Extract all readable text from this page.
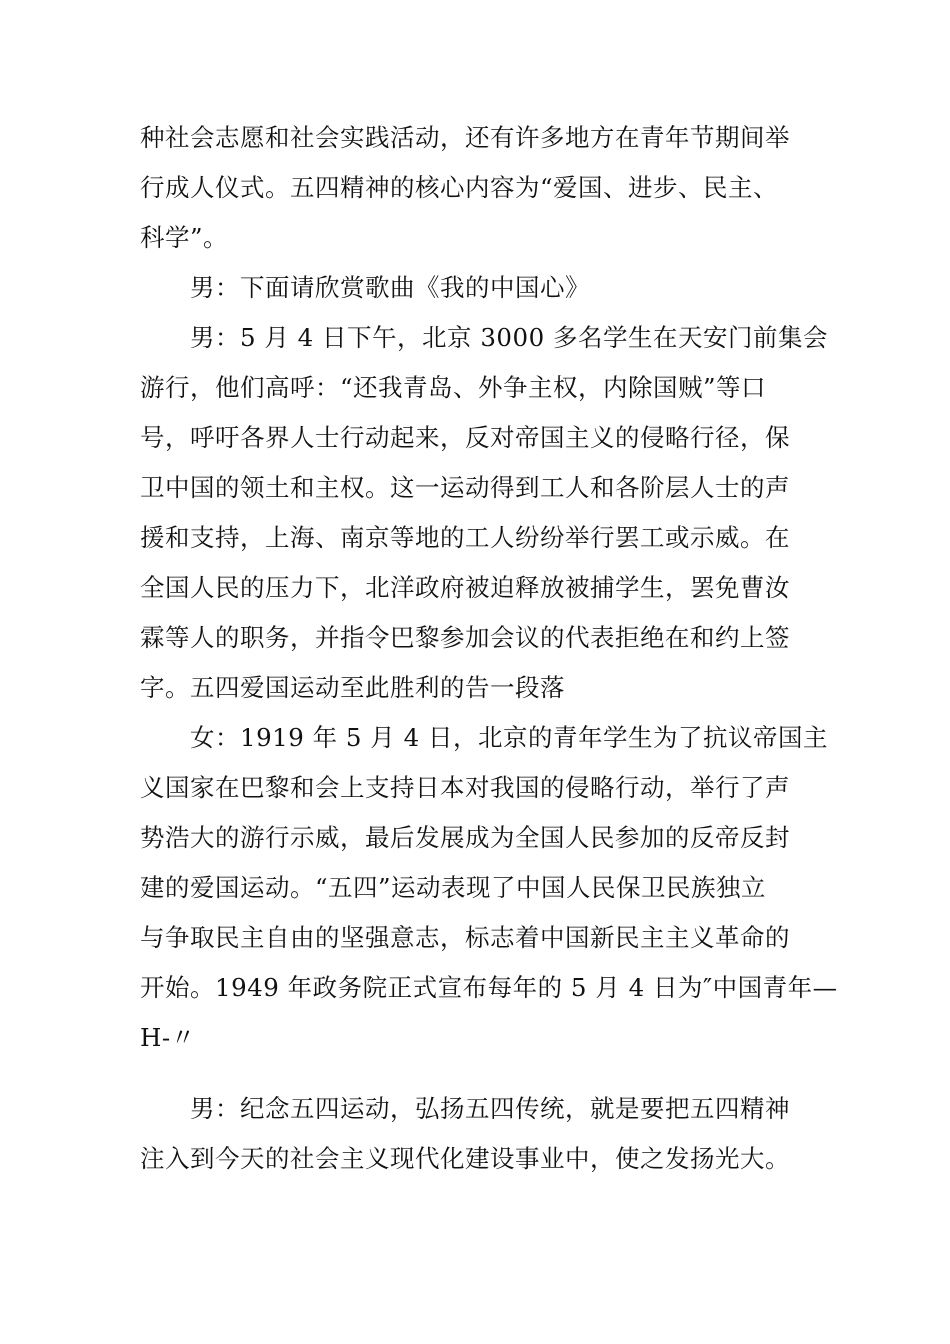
种社会志愿和社会实践活动，还有许多地方在青年节期间举
行成人仪式。五四精神的核心内容为“爱国、进步、民主、
科学”。
男：下面请欣赏歌曲《我的中国心》
男：5 月 4 日下午，北京 3000 多名学生在天安门前集会
游行，他们高呼：“还我青岛、外争主权，内除国贼”等口
号，呼吁各界人士行动起来，反对帝国主义的侵略行径，保
卫中国的领土和主权。这一运动得到工人和各阶层人士的声
援和支持，上海、南京等地的工人纷纷举行罢工或示威。在
全国人民的压力下，北洋政府被迫释放被捕学生，罢免曹汝
霖等人的职务，并指令巴黎参加会议的代表拒绝在和约上签
字。五四爱国运动至此胜利的告一段落
女：1919 年 5 月 4 日，北京的青年学生为了抗议帝国主
义国家在巴黎和会上支持日本对我国的侵略行动，举行了声
势浩大的游行示威，最后发展成为全国人民参加的反帝反封
建的爱国运动。“五四”运动表现了中国人民保卫民族独立
与争取民主自由的坚强意志，标志着中国新民主主义革命的
开始。1949 年政务院正式宣布每年的 5 月 4 日为″中国青年—
H-〃
男：纪念五四运动，弘扬五四传统，就是要把五四精神
注入到今天的社会主义现代化建设事业中，使之发扬光大。
